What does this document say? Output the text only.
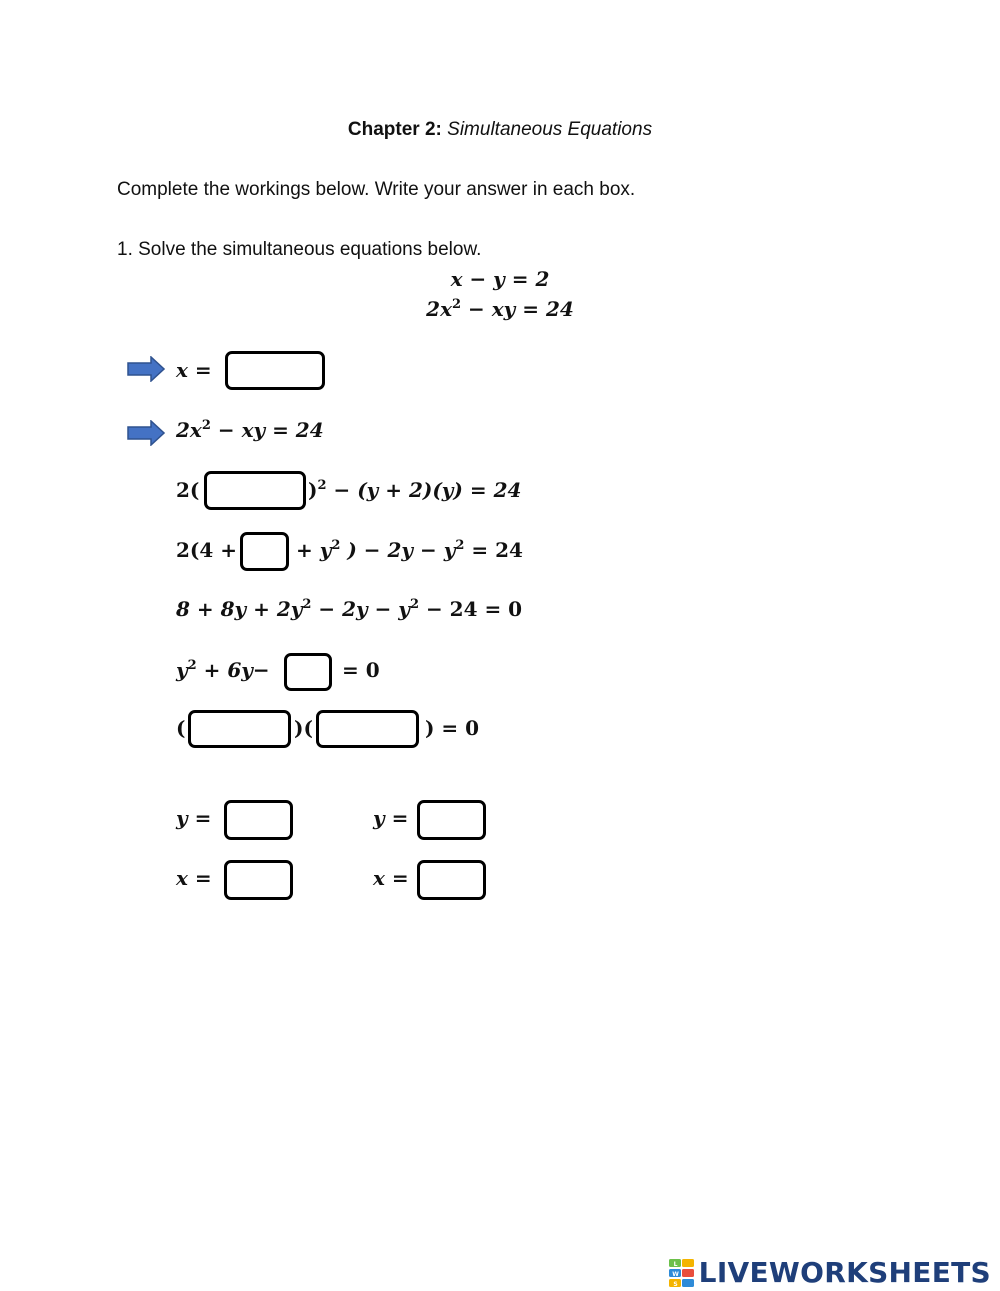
Chapter 2: Simultaneous Equations
Complete the workings below. Write your answer in each box.
1. Solve the simultaneous equations below.
x − y = 2
$2x^2$ − xy = 24
x =
$2x^2$ − xy = 24
2(	)$^2$ − (y + 2)(y) = 24
2(4 +	+ $y^2$ ) − $2y - y^2 = 24$
$8 + 8y + 2y^2 - 2y - y^2 - 24 = 0$
$y^2 + 6y-$	= 0
(	)(	) = 0
y =	y =
x =	x =
L
W
S LIVEWORKSHEETS
